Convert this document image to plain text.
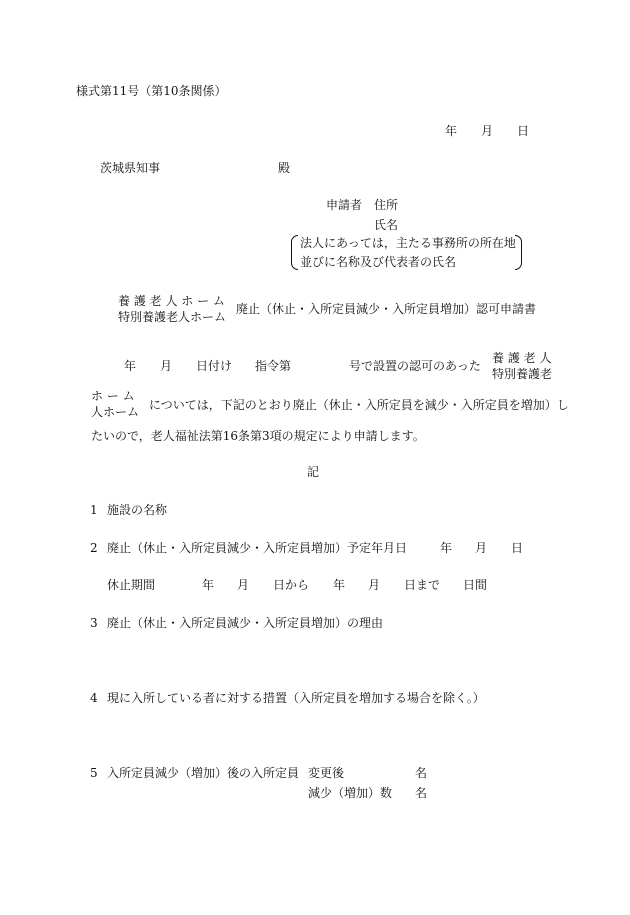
様式第11号（第10条関係）
年 月 日
茨城県知事	殿
申請者 住所
氏名
法人にあっては，主たる事務所の所在地
並びに名称及び代表者の氏名
養 護 老 人 ホ ー ム
特別養護老人ホーム
廃止（休止・入所定員減少・入所定員増加）認可申請書
年 月 日付け 指令第	号で設置の認可のあった
養 護 老 人
特別養護老
ホ ー ム
人ホーム については，下記のとおり廃止（休止・入所定員を減少・入所定員を増加）し
たいので，老人福祉法第16条第3項の規定により申請します。
記
1 施設の名称
2 廃止（休止・入所定員減少・入所定員増加）予定年月日	年 月 日
休止期間	年 月 日から 年 月 日まで 日間
3 廃止（休止・入所定員減少・入所定員増加）の理由
4 現に入所している者に対する措置（入所定員を増加する場合を除く。）
5 入所定員減少（増加）後の入所定員 変更後	名
減少（増加）数 名
